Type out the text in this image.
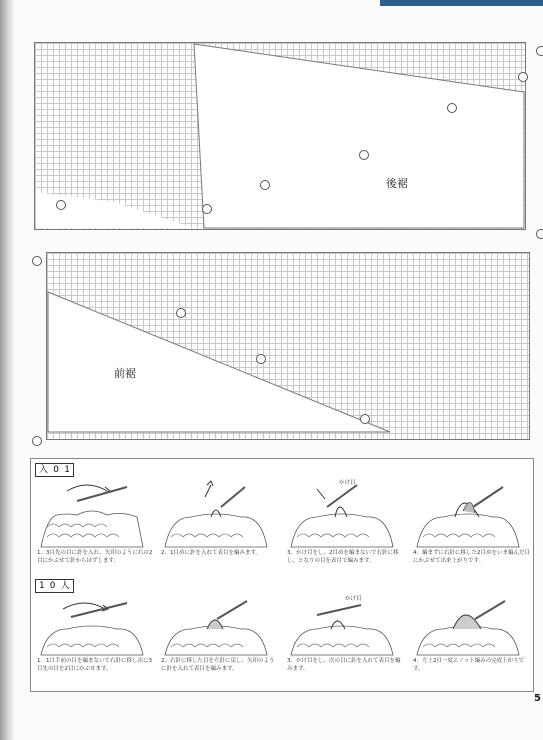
後裾
前裾
入 O 1
1 O 人
1．3目先の目に針を入れ、矢印のように右の2目にかぶせて針からはずします。
2．1目めに針を入れて表目を編みます。
かけ目
3．かけ目をし、2目めを編まないで右針に移し、となりの目を表目で編みます。
4．編まずに右針に移した2目めをいま編んだ目にかぶせて出来上がりです。
1．1目手前の目を編まないで右針に移し次に3目先の目を2目にかぶせます。
2．右針に移した目を左針に戻し、矢印のように針を入れて表目を編みます。
かけ目
3．かけ目をし、次の目に針を入れて表目を編みます。
4．左上2目一度とノット編みの完成上がりです。
5
